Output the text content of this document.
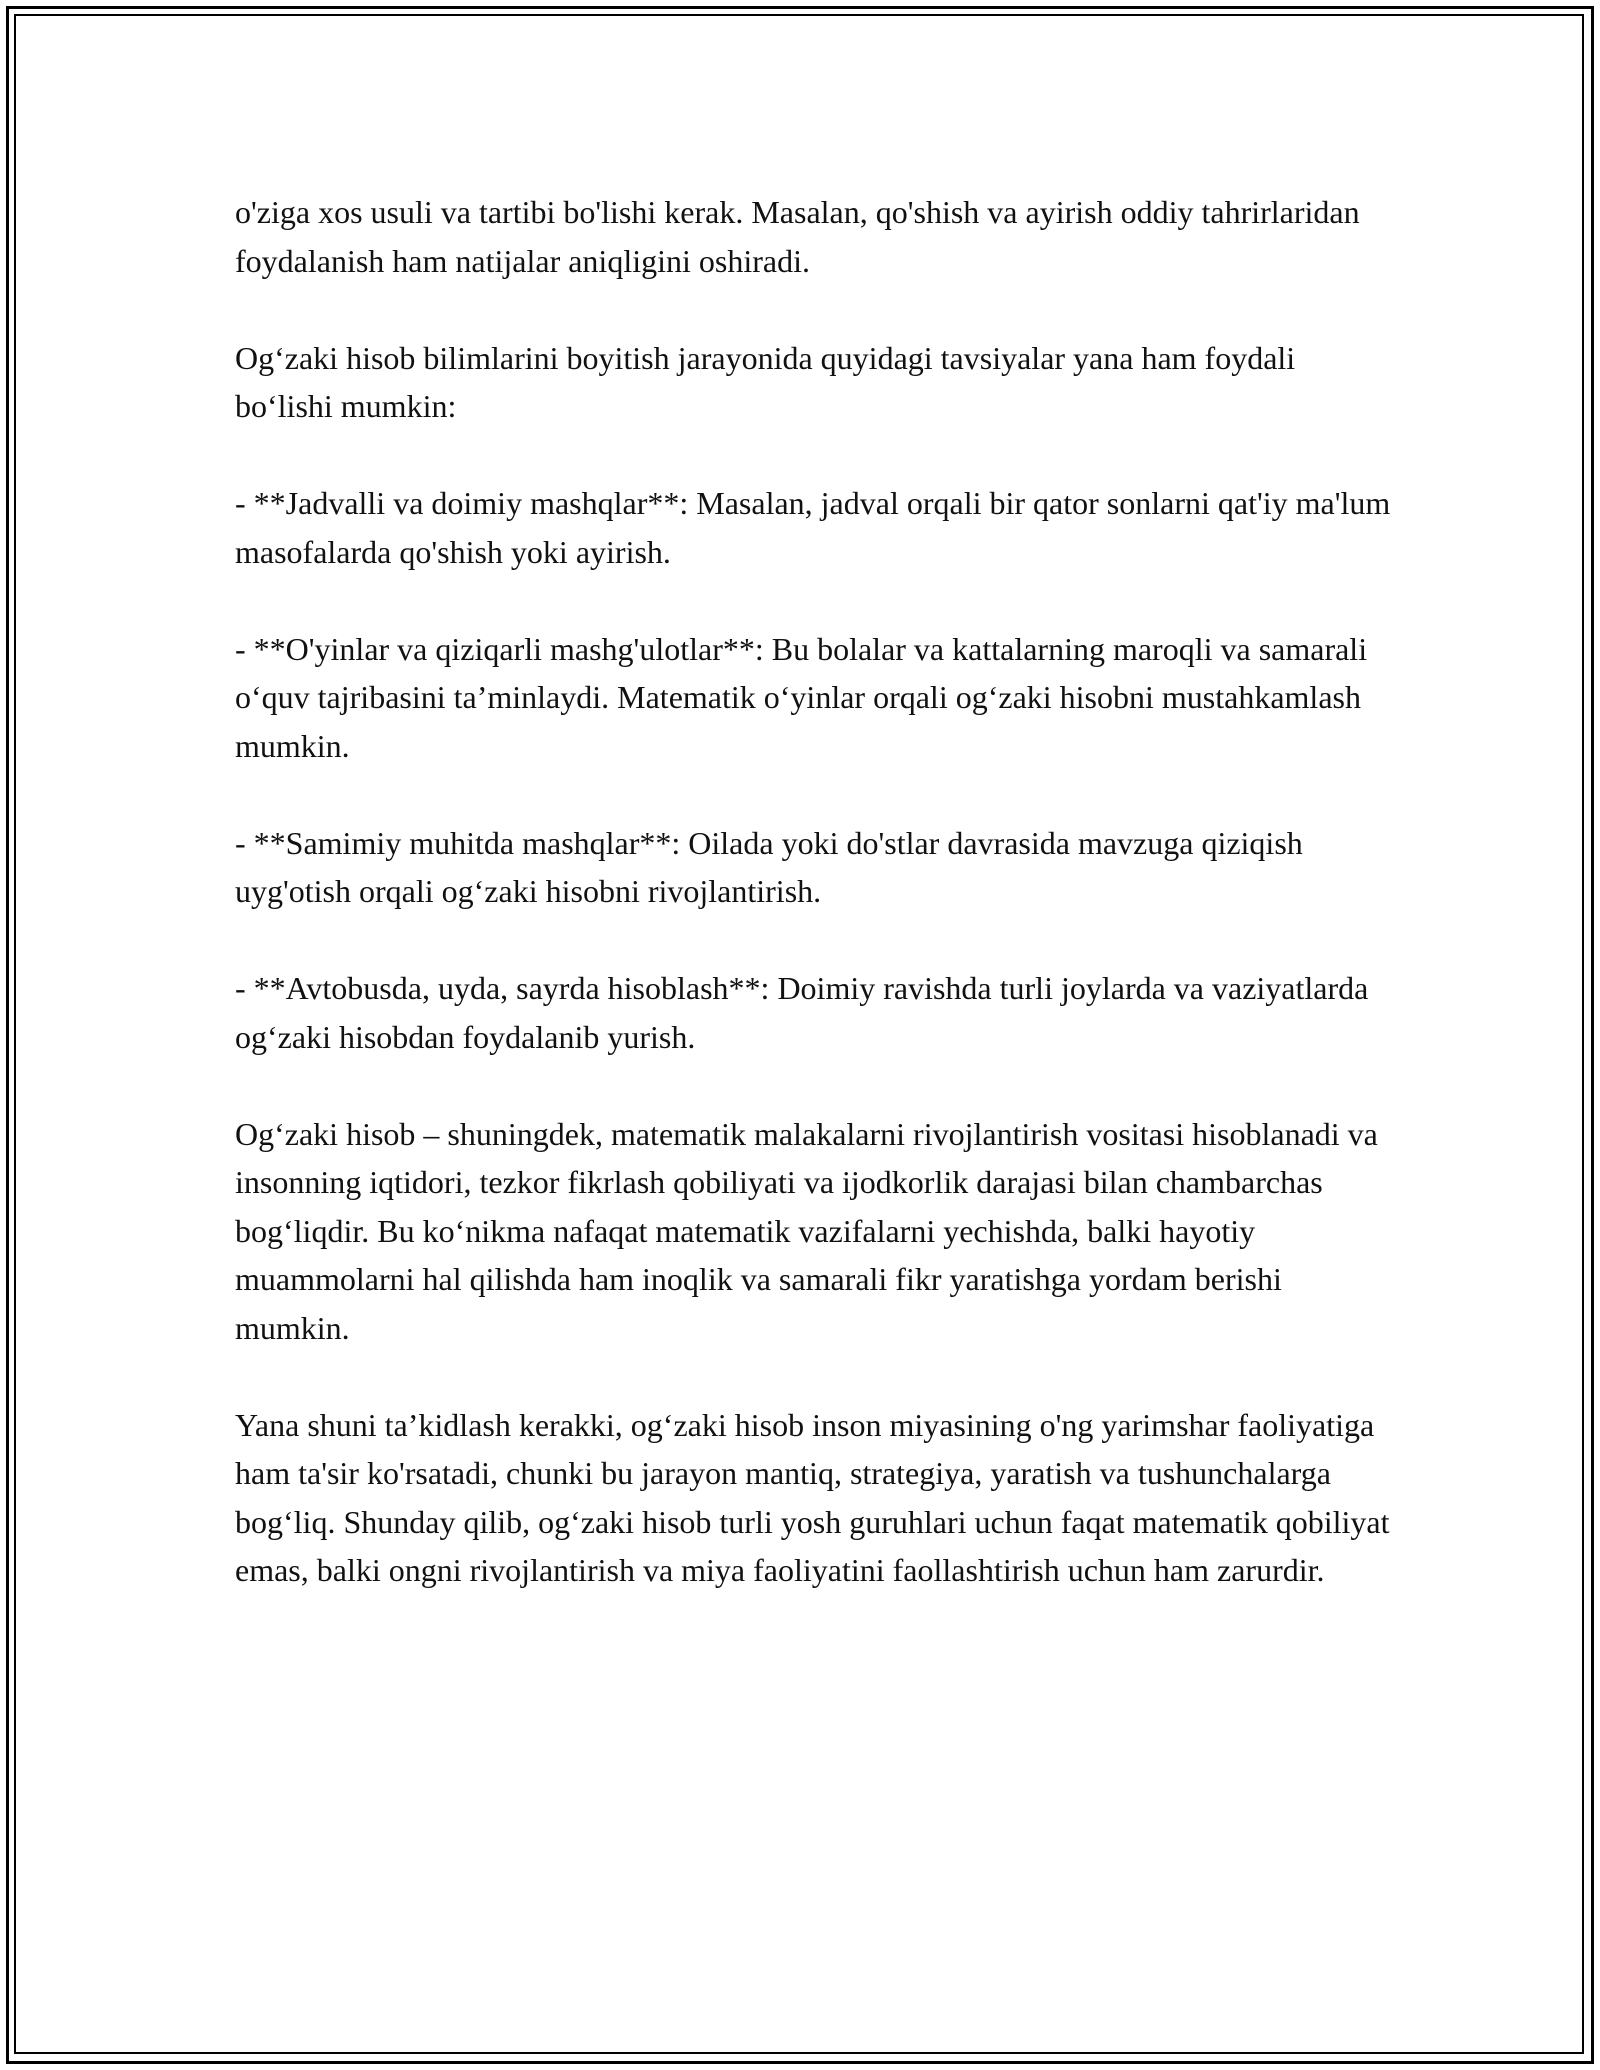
o'ziga xos usuli va tartibi bo'lishi kerak. Masalan, qo'shish va ayirish oddiy tahrirlaridan foydalanish ham natijalar aniqligini oshiradi.

Og‘zaki hisob bilimlarini boyitish jarayonida quyidagi tavsiyalar yana ham foydali bo‘lishi mumkin:

- **Jadvalli va doimiy mashqlar**: Masalan, jadval orqali bir qator sonlarni qat'iy ma'lum masofalarda qo'shish yoki ayirish.

- **O'yinlar va qiziqarli mashg'ulotlar**: Bu bolalar va kattalarning maroqli va samarali o‘quv tajribasini ta’minlaydi. Matematik o‘yinlar orqali og‘zaki hisobni mustahkamlash mumkin.

- **Samimiy muhitda mashqlar**: Oilada yoki do'stlar davrasida mavzuga qiziqish uyg'otish orqali og‘zaki hisobni rivojlantirish.

- **Avtobusda, uyda, sayrda hisoblash**: Doimiy ravishda turli joylarda va vaziyatlarda og‘zaki hisobdan foydalanib yurish.

Og‘zaki hisob – shuningdek, matematik malakalarni rivojlantirish vositasi hisoblanadi va insonning iqtidori, tezkor fikrlash qobiliyati va ijodkorlik darajasi bilan chambarchas bog‘liqdir. Bu ko‘nikma nafaqat matematik vazifalarni yechishda, balki hayotiy muammolarni hal qilishda ham inoqlik va samarali fikr yaratishga yordam berishi mumkin.

Yana shuni ta’kidlash kerakki, og‘zaki hisob inson miyasining o'ng yarimshar faoliyatiga ham ta'sir ko'rsatadi, chunki bu jarayon mantiq, strategiya, yaratish va tushunchalarga bog‘liq. Shunday qilib, og‘zaki hisob turli yosh guruhlari uchun faqat matematik qobiliyat emas, balki ongni rivojlantirish va miya faoliyatini faollashtirish uchun ham zarurdir.
